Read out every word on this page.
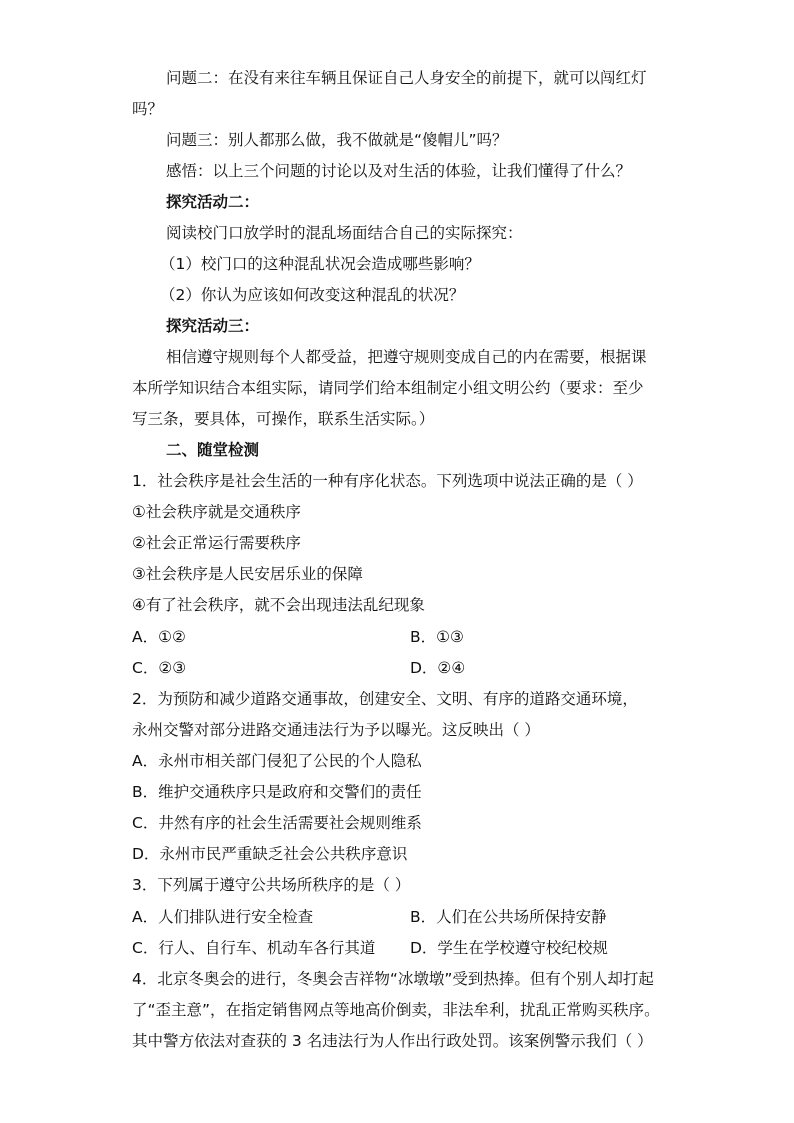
问题二：在没有来往车辆且保证自己人身安全的前提下，就可以闯红灯
吗？
问题三：别人都那么做，我不做就是“傻帽儿”吗？
感悟：以上三个问题的讨论以及对生活的体验，让我们懂得了什么？
探究活动二：
阅读校门口放学时的混乱场面结合自己的实际探究：
（1）校门口的这种混乱状况会造成哪些影响？
（2）你认为应该如何改变这种混乱的状况？
探究活动三：
相信遵守规则每个人都受益，把遵守规则变成自己的内在需要，根据课
本所学知识结合本组实际，请同学们给本组制定小组文明公约（要求：至少
写三条，要具体，可操作，联系生活实际。）
二、随堂检测
1．社会秩序是社会生活的一种有序化状态。下列选项中说法正确的是（ ）
①社会秩序就是交通秩序
②社会正常运行需要秩序
③社会秩序是人民安居乐业的保障
④有了社会秩序，就不会出现违法乱纪现象
A．①②	B．①③
C．②③	D．②④
2．为预防和减少道路交通事故，创建安全、文明、有序的道路交通环境，
永州交警对部分进路交通违法行为予以曝光。这反映出（ ）
A．永州市相关部门侵犯了公民的个人隐私
B．维护交通秩序只是政府和交警们的责任
C．井然有序的社会生活需要社会规则维系
D．永州市民严重缺乏社会公共秩序意识
3．下列属于遵守公共场所秩序的是（ ）
A．人们排队进行安全检查	B．人们在公共场所保持安静
C．行人、自行车、机动车各行其道 D．学生在学校遵守校纪校规
4．北京冬奥会的进行，冬奥会吉祥物“冰墩墩”受到热捧。但有个别人却打起
了“歪主意”，在指定销售网点等地高价倒卖，非法牟利，扰乱正常购买秩序。
其中警方依法对查获的 3 名违法行为人作出行政处罚。该案例警示我们（ ）
